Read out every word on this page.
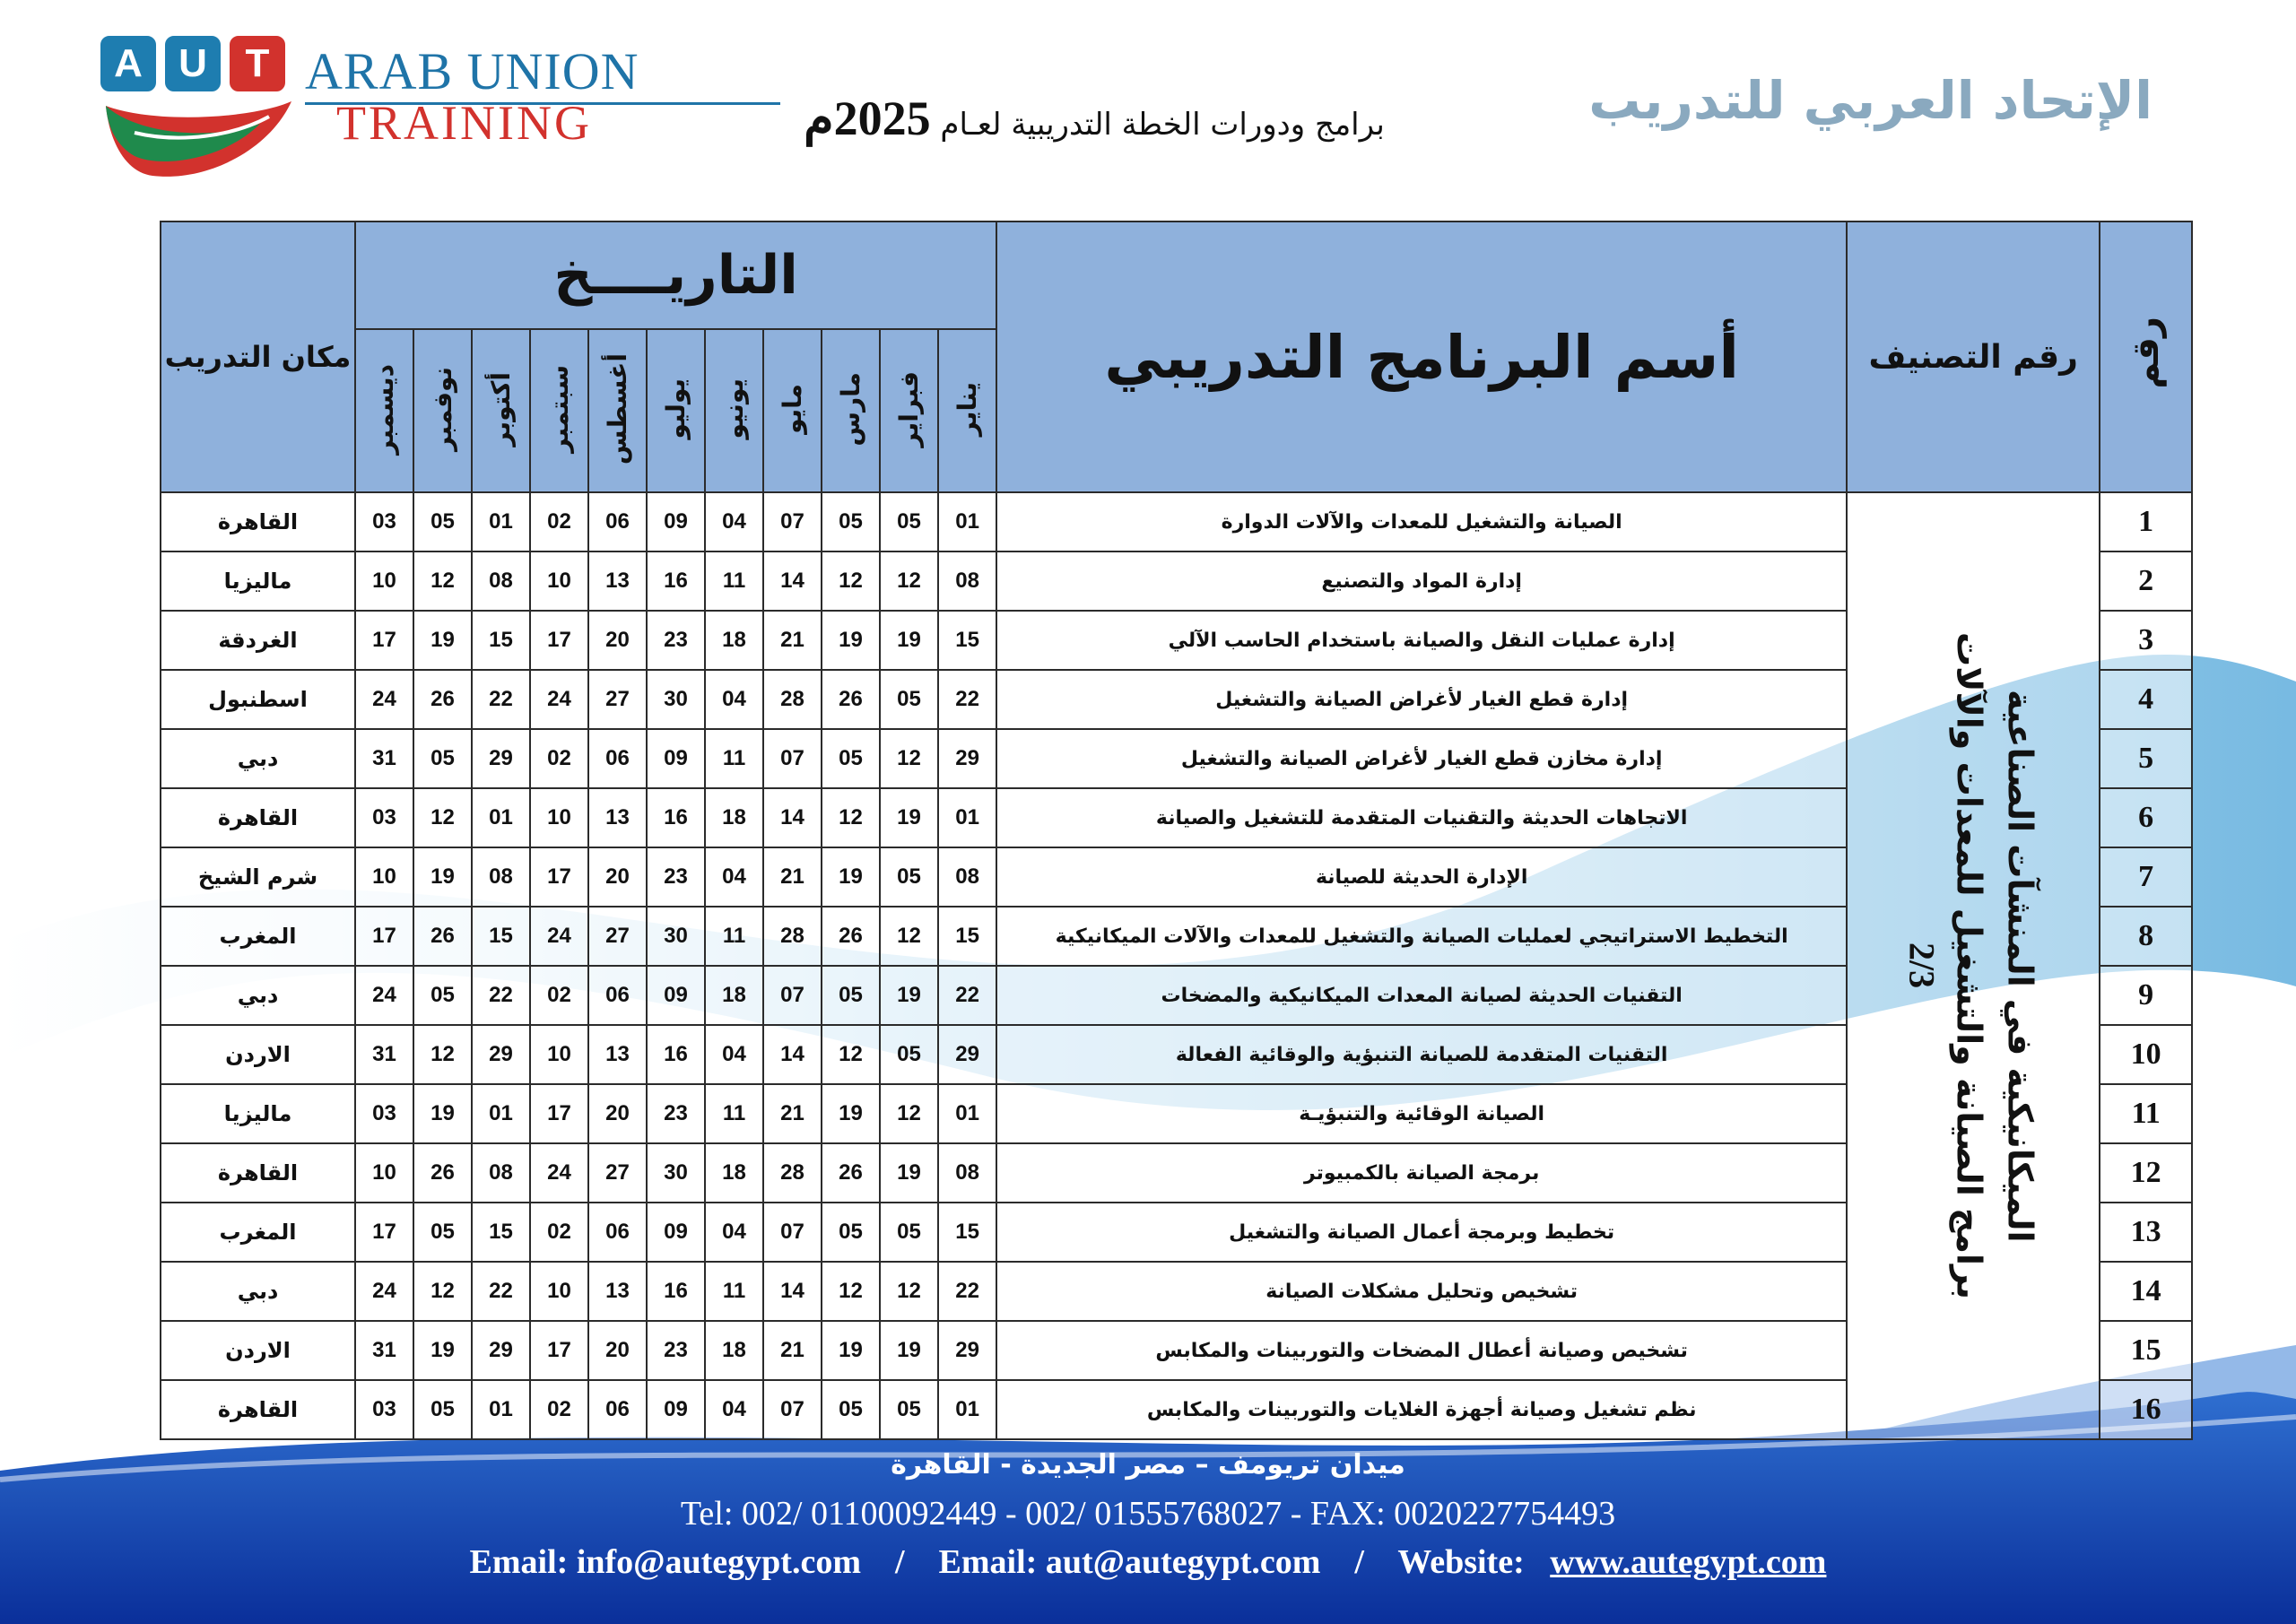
A U T ARAB UNION
TRAINING	برامج ودورات الخطة التدريبية لعـام 2025م	الإتحاد العربي للتدريب
مكان التدريب	التاريــــخ											أسم البرنامج التدريبي	رقم التصنيف	رقم
	ديسمبر	نوفمبر	أكتوبر	سبتمبر	أغسطس	يوليو	يونيو	مايو	مارس	فبراير	يناير			
القاهرة	03	05	01	02	06	09	04	07	05	05	01	الصيانة والتشغيل للمعدات والآلات الدوارة	2/3 برامج الصيانة والتشغيل للمعدات والآلات الميكانيكية في المنشآت الصناعية	1
ماليزيا	10	12	08	10	13	16	11	14	12	12	08	إدارة المواد والتصنيع		2
الغردقة	17	19	15	17	20	23	18	21	19	19	15	إدارة عمليات النقل والصيانة باستخدام الحاسب الآلي		3
اسطنبول	24	26	22	24	27	30	04	28	26	05	22	إدارة قطع الغيار لأغراض الصيانة والتشغيل		4
دبي	31	05	29	02	06	09	11	07	05	12	29	إدارة مخازن قطع الغيار لأغراض الصيانة والتشغيل		5
القاهرة	03	12	01	10	13	16	18	14	12	19	01	الاتجاهات الحديثة والتقنيات المتقدمة للتشغيل والصيانة		6
شرم الشيخ	10	19	08	17	20	23	04	21	19	05	08	الإدارة الحديثة للصيانة		7
المغرب	17	26	15	24	27	30	11	28	26	12	15	التخطيط الاستراتيجي لعمليات الصيانة والتشغيل للمعدات والآلات الميكانيكية		8
دبي	24	05	22	02	06	09	18	07	05	19	22	التقنيات الحديثة لصيانة المعدات الميكانيكية والمضخات		9
الاردن	31	12	29	10	13	16	04	14	12	05	29	التقنيات المتقدمة للصيانة التنبؤية والوقائية الفعالة		10
ماليزيا	03	19	01	17	20	23	11	21	19	12	01	الصيانة الوقائية والتنبؤيـة		11
القاهرة	10	26	08	24	27	30	18	28	26	19	08	برمجة الصيانة بالكمبيوتر		12
المغرب	17	05	15	02	06	09	04	07	05	05	15	تخطيط وبرمجة أعمال الصيانة والتشغيل		13
دبي	24	12	22	10	13	16	11	14	12	12	22	تشخيص وتحليل مشكلات الصيانة		14
الاردن	31	19	29	17	20	23	18	21	19	19	29	تشخيص وصيانة أعطال المضخات والتوربينات والمكابس		15
القاهرة	03	05	01	02	06	09	04	07	05	05	01	نظم تشغيل وصيانة أجهزة الغلايات والتوربينات والمكابس		16
ميدان تريومف – مصر الجديدة - القاهرة
Tel: 002/ 01100092449 - 002/ 01555768027 - FAX: 0020227754493
Email: info@autegypt.com / Email: aut@autegypt.com / Website: www.autegypt.com
